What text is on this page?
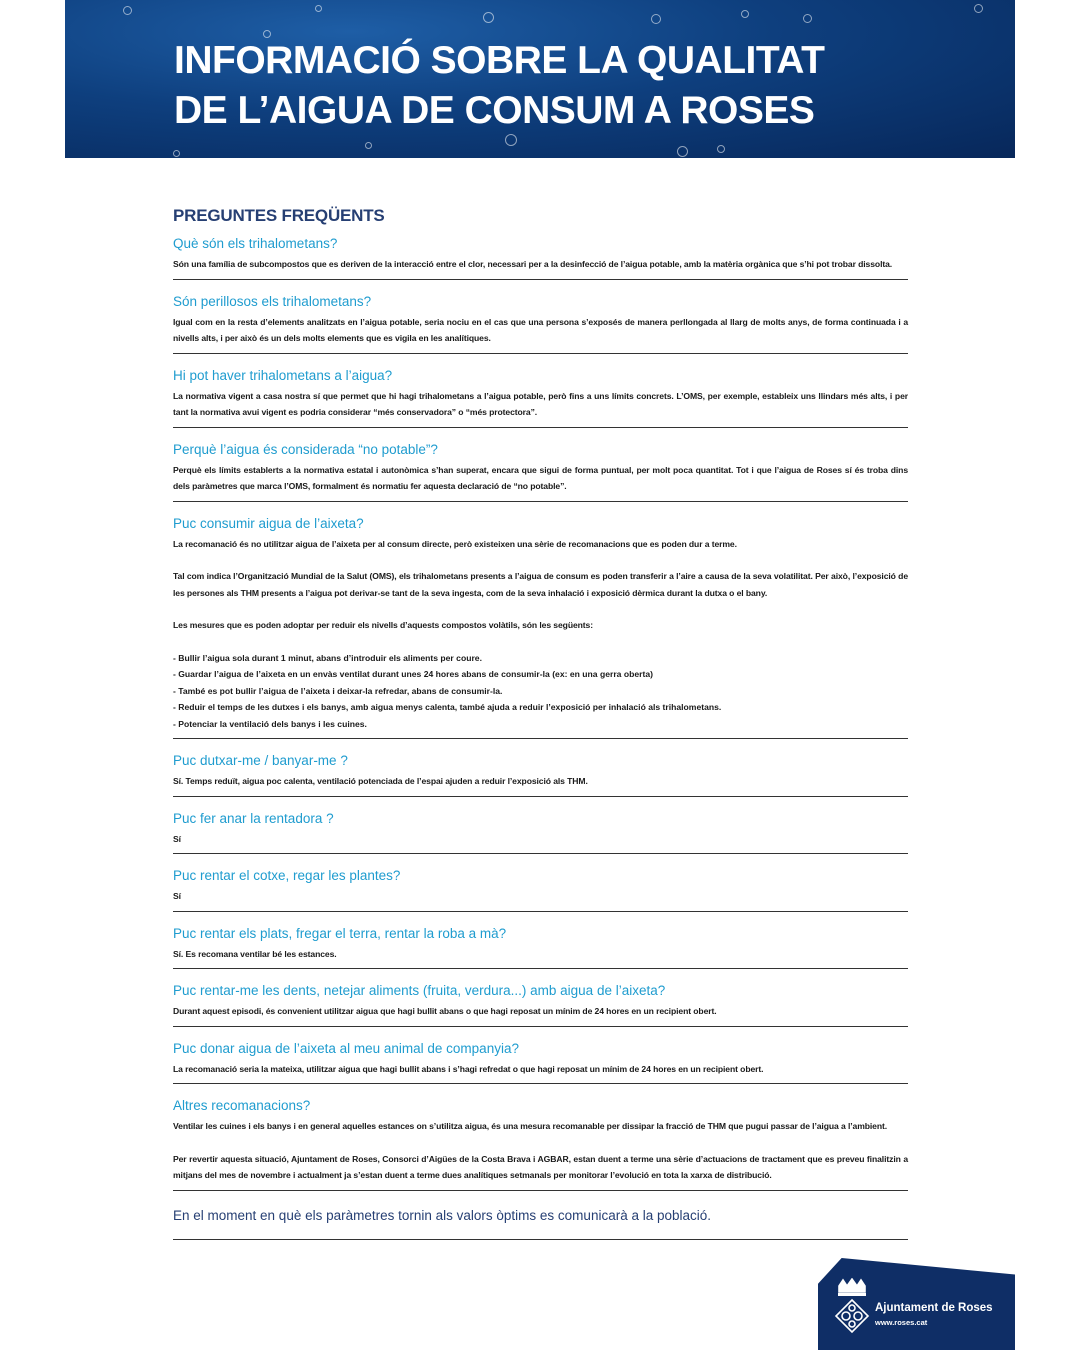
INFORMACIÓ SOBRE LA QUALITAT
DE L’AIGUA DE CONSUM A ROSES
PREGUNTES FREQÜENTS

Què són els trihalometans?

Són una família de subcompostos que es deriven de la interacció entre el clor, necessari per a la desinfecció de l’aigua potable, amb la matèria orgànica que s’hi pot trobar dissolta.

Són perillosos els trihalometans?

Igual com en la resta d’elements analitzats en l’aigua potable, seria nociu en el cas que una persona s’exposés de manera perllongada al llarg de molts anys, de forma continuada i a nivells alts, i per això és un dels molts elements que es vigila en les analítiques.

Hi pot haver trihalometans a l’aigua?

La normativa vigent a casa nostra sí que permet que hi hagi trihalometans a l’aigua potable, però fins a uns límits concrets. L’OMS, per exemple, estableix uns llindars més alts, i per tant la normativa avui vigent es podria considerar “més conservadora” o “més protectora”.

Perquè l’aigua és considerada “no potable”?

Perquè els límits establerts a la normativa estatal i autonòmica s’han superat, encara que sigui de forma puntual, per molt poca quantitat. Tot i que l’aigua de Roses sí és troba dins dels paràmetres que marca l’OMS, formalment és normatiu fer aquesta declaració de “no potable”.

Puc consumir aigua de l’aixeta?

La recomanació és no utilitzar aigua de l’aixeta per al consum directe, però existeixen una sèrie de recomanacions que es poden dur a terme.

Tal com indica l’Organització Mundial de la Salut (OMS), els trihalometans presents a l’aigua de consum es poden transferir a l’aire a causa de la seva volatilitat. Per això, l’exposició de les persones als THM presents a l’aigua pot derivar-se tant de la seva ingesta, com de la seva inhalació i exposició dèrmica durant la dutxa o el bany.

Les mesures que es poden adoptar per reduir els nivells d’aquests compostos volàtils, són les següents:

- Bullir l’aigua sola durant 1 minut, abans d’introduir els aliments per coure.
- Guardar l’aigua de l’aixeta en un envàs ventilat durant unes 24 hores abans de consumir-la (ex: en una gerra oberta)
- També es pot bullir l’aigua de l’aixeta i deixar-la refredar, abans de consumir-la.
- Reduir el temps de les dutxes i els banys, amb aigua menys calenta, també ajuda a reduir l’exposició per inhalació als trihalometans.
- Potenciar la ventilació dels banys i les cuines.

Puc dutxar-me / banyar-me ?

Sí. Temps reduït, aigua poc calenta, ventilació potenciada de l’espai ajuden a reduir l’exposició als THM.

Puc fer anar la rentadora ?

Sí

Puc rentar el cotxe, regar les plantes?

Sí

Puc rentar els plats, fregar el terra, rentar la roba a mà?

Sí. Es recomana ventilar bé les estances.

Puc rentar-me les dents, netejar aliments (fruita, verdura...) amb aigua de l’aixeta?

Durant aquest episodi, és convenient utilitzar aigua que hagi bullit abans o que hagi reposat un mínim de 24 hores en un recipient obert.

Puc donar aigua de l’aixeta al meu animal de companyia?

La recomanació seria la mateixa, utilitzar aigua que hagi bullit abans i s’hagi refredat o que hagi reposat un mínim de 24 hores en un recipient obert.

Altres recomanacions?

Ventilar les cuines i els banys i en general aquelles estances on s’utilitza aigua, és una mesura recomanable per dissipar la fracció de THM que pugui passar de l’aigua a l’ambient.

Per revertir aquesta situació, Ajuntament de Roses, Consorci d’Aigües de la Costa Brava i AGBAR, estan duent a terme una sèrie d’actuacions de tractament que es preveu finalitzin a mitjans del mes de novembre i actualment ja s’estan duent a terme dues analítiques setmanals per monitorar l’evolució en tota la xarxa de distribució.

En el moment en què els paràmetres tornin als valors òptims es comunicarà a la població.

Ajuntament de Roses
www.roses.cat
